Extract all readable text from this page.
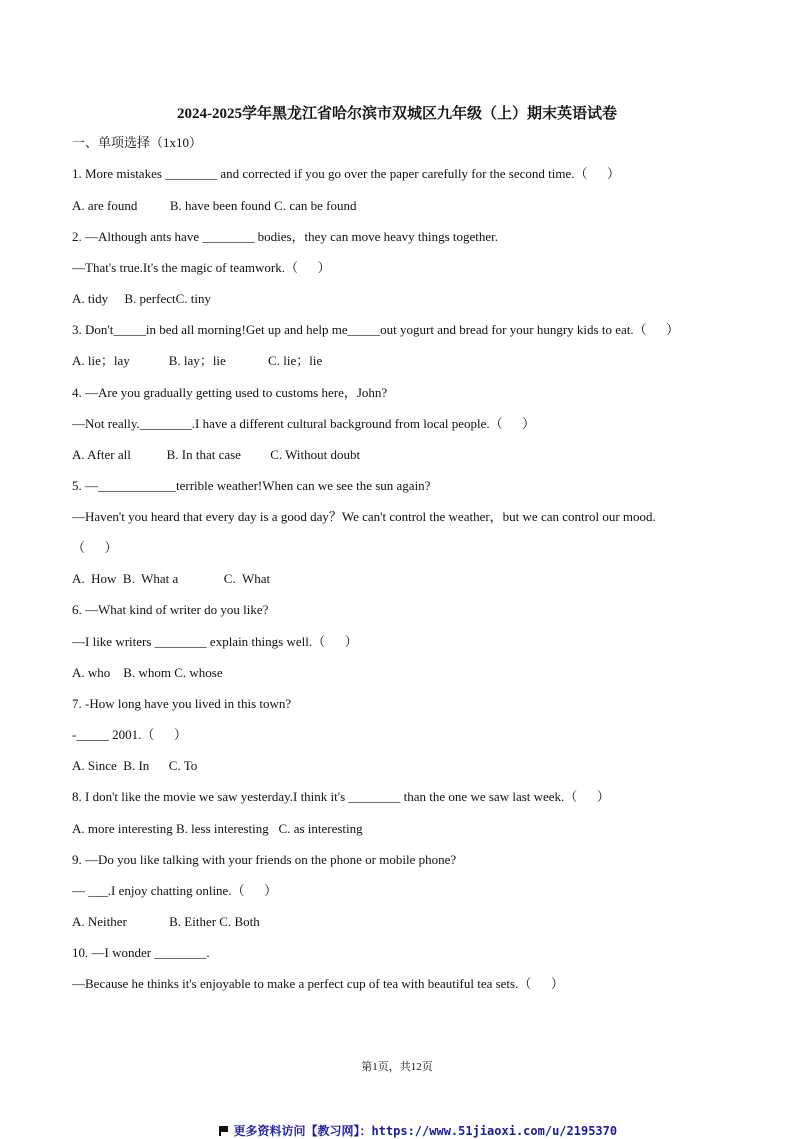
2024-2025学年黑龙江省哈尔滨市双城区九年级（上）期末英语试卷
一、单项选择（1x10）
1. More mistakes ________ and corrected if you go over the paper carefully for the second time.（      ）
A. are found          B. have been found C. can be found
2. —Although ants have ________ bodies，they can move heavy things together.
—That's true.It's the magic of teamwork.（      ）
A. tidy     B. perfectC. tiny
3. Don't_____in bed all morning!Get up and help me_____out yogurt and bread for your hungry kids to eat.（      ）
A. lie；lay            B. lay；lie             C. lie；lie
4. —Are you gradually getting used to customs here，John?
—Not really.________.I have a different cultural background from local people.（      ）
A. After all           B. In that case         C. Without doubt
5. —____________terrible weather!When can we see the sun again?
—Haven't you heard that every day is a good day？We can't control the weather，but we can control our mood.
（      ）
A.  How  B.  What a              C.  What
6. —What kind of writer do you like?
—I like writers ________ explain things well.（      ）
A. who    B. whom C. whose
7. -How long have you lived in this town?
-_____ 2001.（      ）
A. Since  B. In      C. To
8. I don't like the movie we saw yesterday.I think it's ________ than the one we saw last week.（      ）
A. more interesting B. less interesting   C. as interesting
9. —Do you like talking with your friends on the phone or mobile phone?
— ___.I enjoy chatting online.（      ）
A. Neither             B. Either C. Both
10. —I wonder ________.
—Because he thinks it's enjoyable to make a perfect cup of tea with beautiful tea sets.（      ）
第1页，共12页

更多资料访问【教习网】：https://www.51jiaoxi.com/u/2195370
